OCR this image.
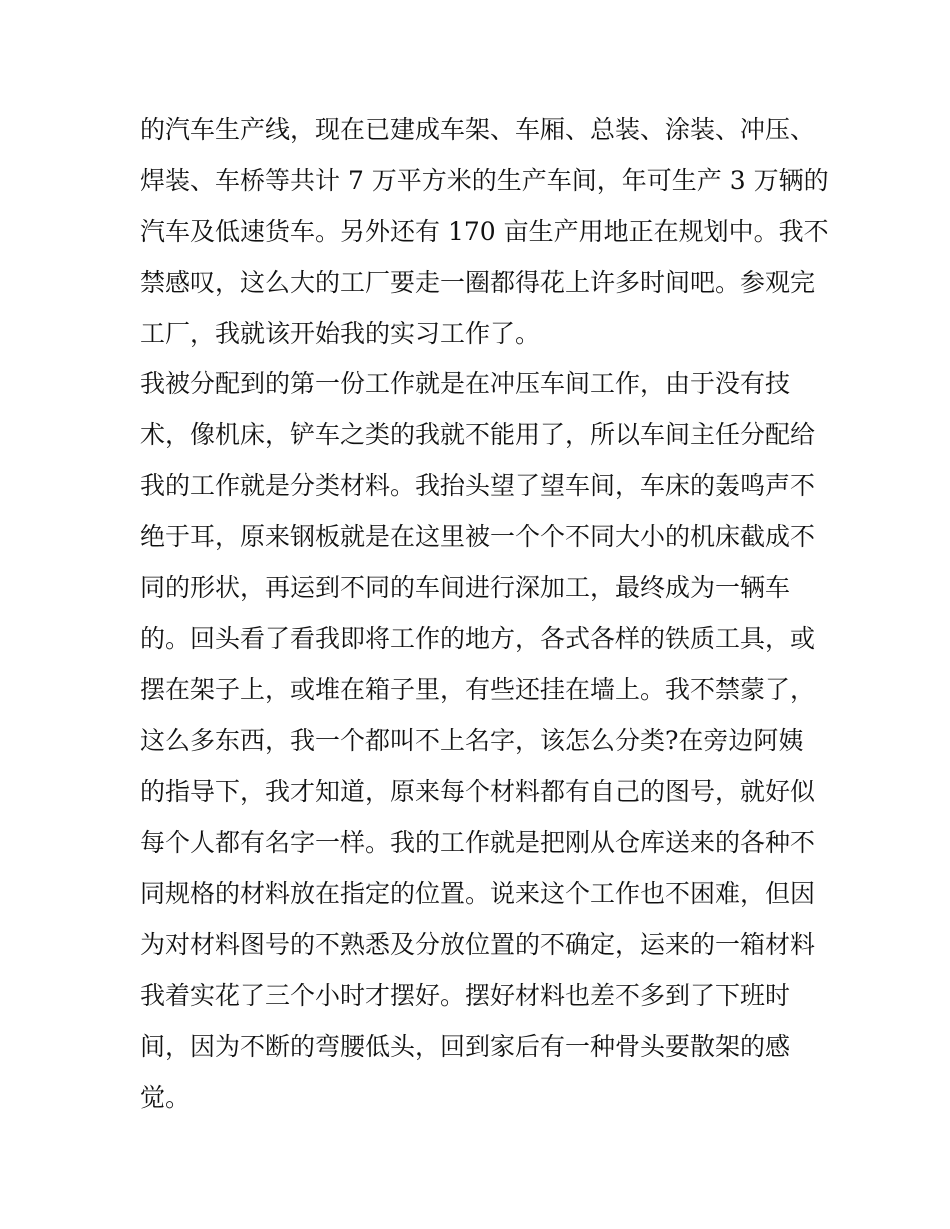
的汽车生产线，现在已建成车架、车厢、总装、涂装、冲压、

焊装、车桥等共计 7 万平方米的生产车间，年可生产 3 万辆的

汽车及低速货车。另外还有 170 亩生产用地正在规划中。我不

禁感叹，这么大的工厂要走一圈都得花上许多时间吧。参观完

工厂，我就该开始我的实习工作了。

我被分配到的第一份工作就是在冲压车间工作，由于没有技

术，像机床，铲车之类的我就不能用了，所以车间主任分配给

我的工作就是分类材料。我抬头望了望车间，车床的轰鸣声不

绝于耳，原来钢板就是在这里被一个个不同大小的机床截成不

同的形状，再运到不同的车间进行深加工，最终成为一辆车

的。回头看了看我即将工作的地方，各式各样的铁质工具，或

摆在架子上，或堆在箱子里，有些还挂在墙上。我不禁蒙了，

这么多东西，我一个都叫不上名字，该怎么分类?在旁边阿姨

的指导下，我才知道，原来每个材料都有自己的图号，就好似

每个人都有名字一样。我的工作就是把刚从仓库送来的各种不

同规格的材料放在指定的位置。说来这个工作也不困难，但因

为对材料图号的不熟悉及分放位置的不确定，运来的一箱材料

我着实花了三个小时才摆好。摆好材料也差不多到了下班时

间，因为不断的弯腰低头，回到家后有一种骨头要散架的感

觉。
